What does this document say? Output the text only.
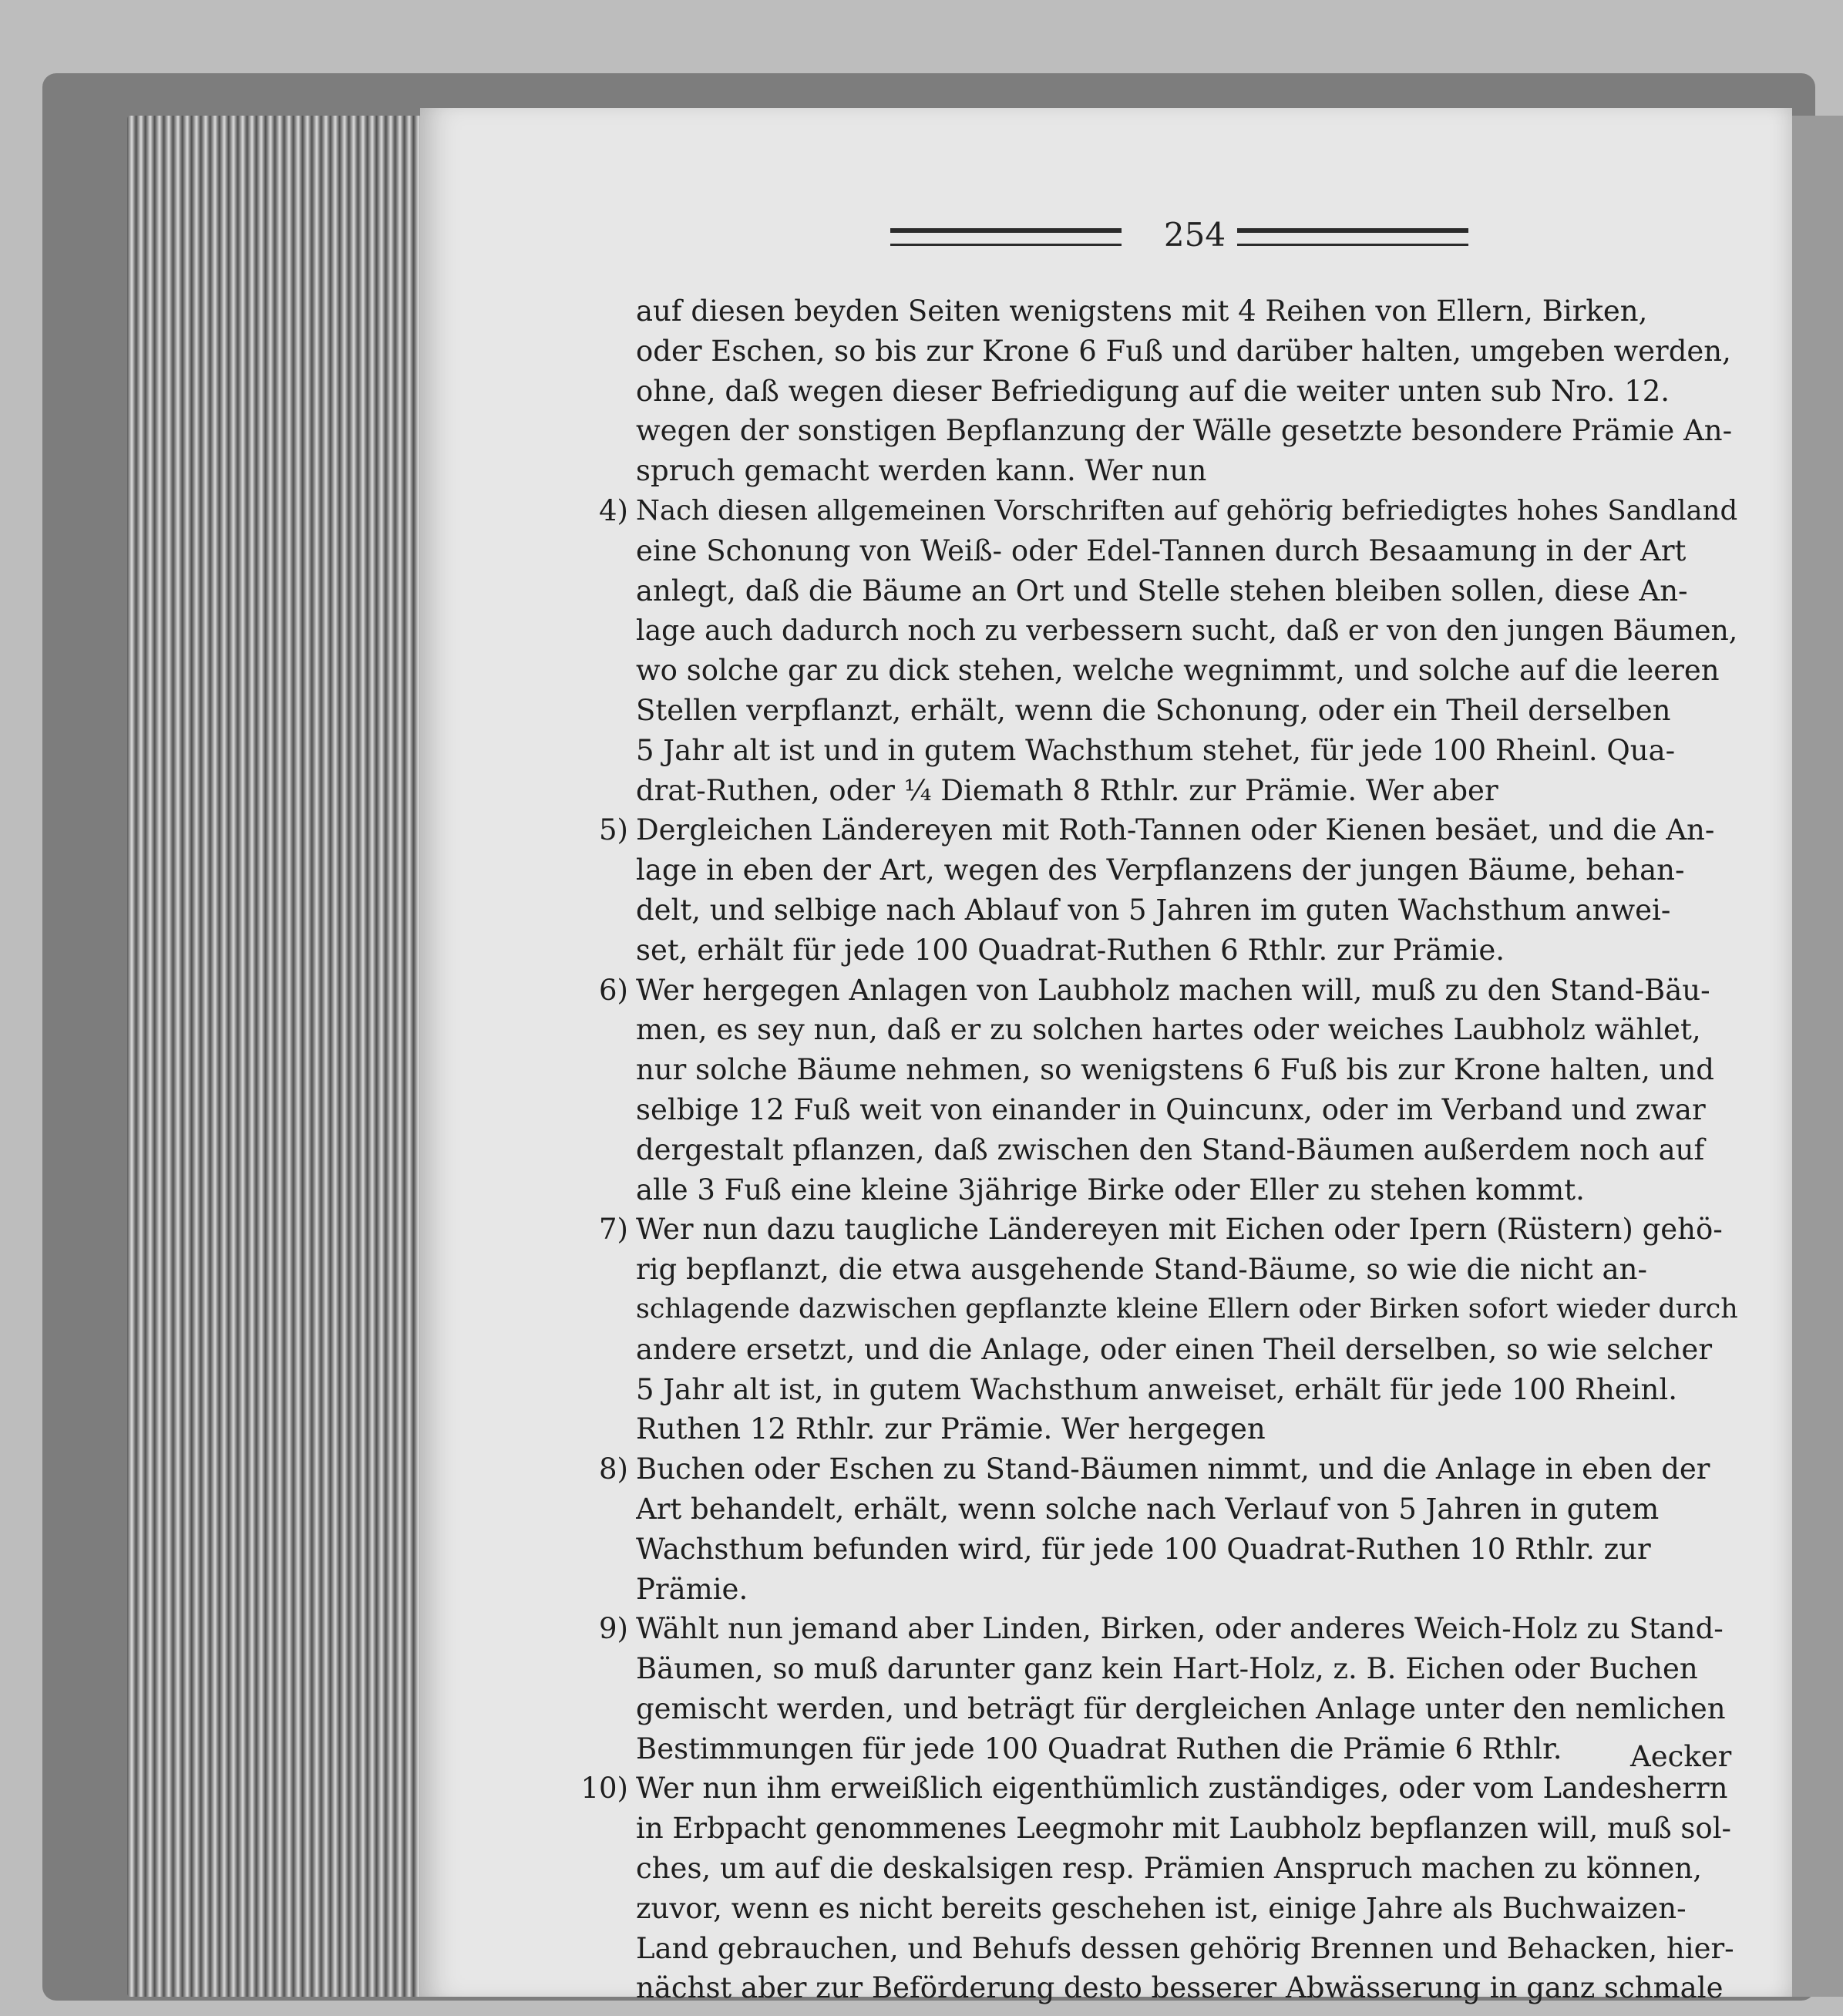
254
auf diesen beyden Seiten wenigstens mit 4 Reihen von Ellern, Birken,
oder Eschen, so bis zur Krone 6 Fuß und darüber halten, umgeben werden,
ohne, daß wegen dieser Befriedigung auf die weiter unten sub Nro. 12.
wegen der sonstigen Bepflanzung der Wälle gesetzte besondere Prämie An-
spruch gemacht werden kann. Wer nun
4) Nach diesen allgemeinen Vorschriften auf gehörig befriedigtes hohes Sandland
eine Schonung von Weiß- oder Edel-Tannen durch Besaamung in der Art
anlegt, daß die Bäume an Ort und Stelle stehen bleiben sollen, diese An-
lage auch dadurch noch zu verbessern sucht, daß er von den jungen Bäumen,
wo solche gar zu dick stehen, welche wegnimmt, und solche auf die leeren
Stellen verpflanzt, erhält, wenn die Schonung, oder ein Theil derselben
5 Jahr alt ist und in gutem Wachsthum stehet, für jede 100 Rheinl. Qua-
drat-Ruthen, oder ¼ Diemath 8 Rthlr. zur Prämie. Wer aber
5) Dergleichen Ländereyen mit Roth-Tannen oder Kienen besäet, und die An-
lage in eben der Art, wegen des Verpflanzens der jungen Bäume, behan-
delt, und selbige nach Ablauf von 5 Jahren im guten Wachsthum anwei-
set, erhält für jede 100 Quadrat-Ruthen 6 Rthlr. zur Prämie.
6) Wer hergegen Anlagen von Laubholz machen will, muß zu den Stand-Bäu-
men, es sey nun, daß er zu solchen hartes oder weiches Laubholz wählet,
nur solche Bäume nehmen, so wenigstens 6 Fuß bis zur Krone halten, und
selbige 12 Fuß weit von einander in Quincunx, oder im Verband und zwar
dergestalt pflanzen, daß zwischen den Stand-Bäumen außerdem noch auf
alle 3 Fuß eine kleine 3jährige Birke oder Eller zu stehen kommt.
7) Wer nun dazu taugliche Ländereyen mit Eichen oder Ipern (Rüstern) gehö-
rig bepflanzt, die etwa ausgehende Stand-Bäume, so wie die nicht an-
schlagende dazwischen gepflanzte kleine Ellern oder Birken sofort wieder durch
andere ersetzt, und die Anlage, oder einen Theil derselben, so wie selcher
5 Jahr alt ist, in gutem Wachsthum anweiset, erhält für jede 100 Rheinl.
Ruthen 12 Rthlr. zur Prämie. Wer hergegen
8) Buchen oder Eschen zu Stand-Bäumen nimmt, und die Anlage in eben der
Art behandelt, erhält, wenn solche nach Verlauf von 5 Jahren in gutem
Wachsthum befunden wird, für jede 100 Quadrat-Ruthen 10 Rthlr. zur
Prämie.
9) Wählt nun jemand aber Linden, Birken, oder anderes Weich-Holz zu Stand-
Bäumen, so muß darunter ganz kein Hart-Holz, z. B. Eichen oder Buchen
gemischt werden, und beträgt für dergleichen Anlage unter den nemlichen
Bestimmungen für jede 100 Quadrat Ruthen die Prämie 6 Rthlr.
10) Wer nun ihm erweißlich eigenthümlich zuständiges, oder vom Landesherrn
in Erbpacht genommenes Leegmohr mit Laubholz bepflanzen will, muß sol-
ches, um auf die deskalsigen resp. Prämien Anspruch machen zu können,
zuvor, wenn es nicht bereits geschehen ist, einige Jahre als Buchwaizen-
Land gebrauchen, und Behufs dessen gehörig Brennen und Behacken, hier-
nächst aber zur Beförderung desto besserer Abwässerung in ganz schmale
Aecker
